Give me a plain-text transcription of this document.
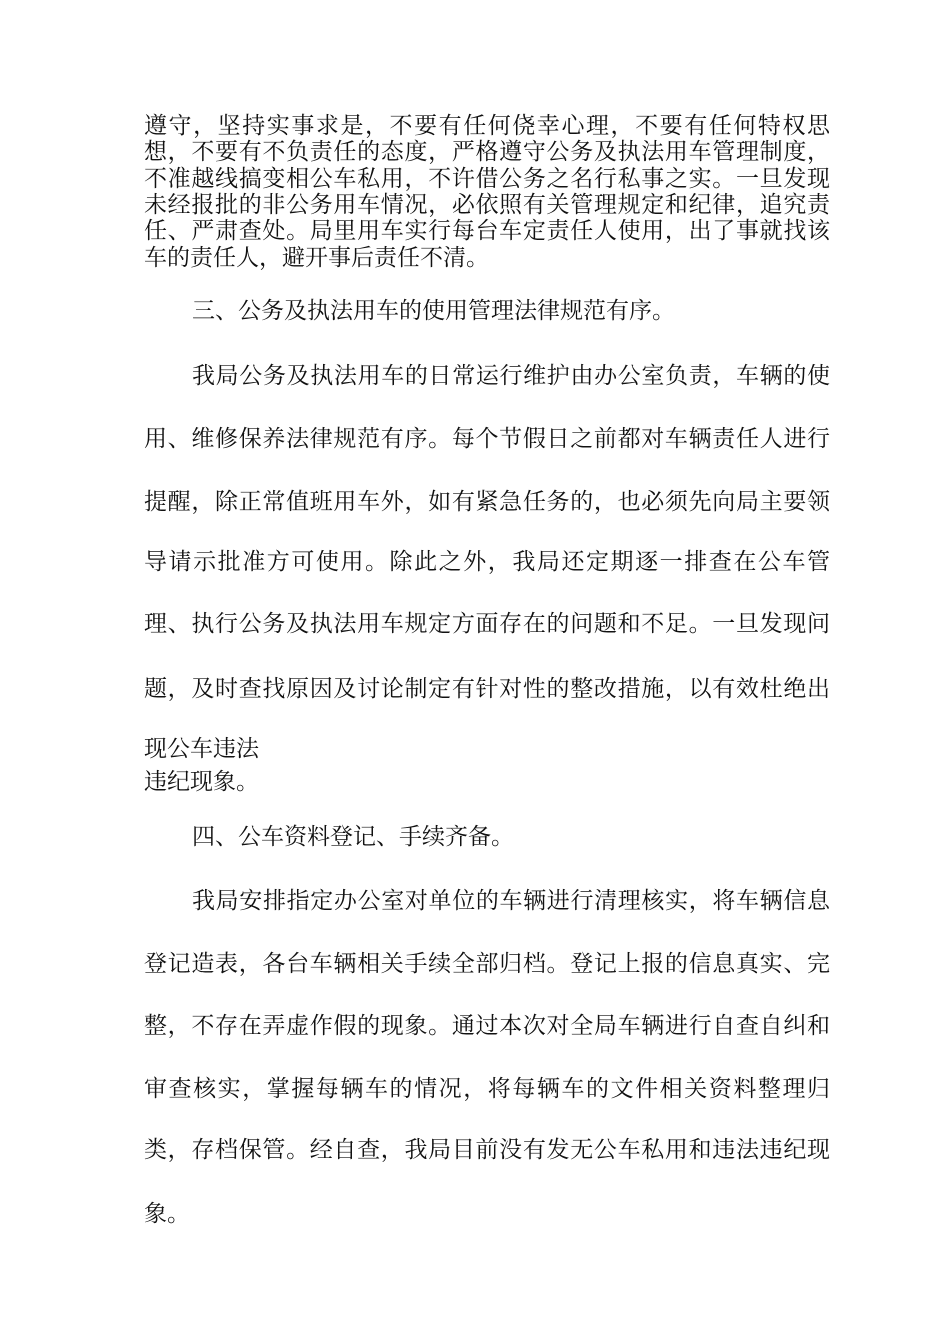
遵守，坚持实事求是，不要有任何侥幸心理，不要有任何特权思

想，不要有不负责任的态度，严格遵守公务及执法用车管理制度，

不准越线搞变相公车私用，不许借公务之名行私事之实。一旦发现

未经报批的非公务用车情况，必依照有关管理规定和纪律，追究责

任、严肃查处。局里用车实行每台车定责任人使用，出了事就找该

车的责任人，避开事后责任不清。

三、公务及执法用车的使用管理法律规范有序。

我局公务及执法用车的日常运行维护由办公室负责，车辆的使

用、维修保养法律规范有序。每个节假日之前都对车辆责任人进行

提醒，除正常值班用车外，如有紧急任务的，也必须先向局主要领

导请示批准方可使用。除此之外，我局还定期逐一排查在公车管

理、执行公务及执法用车规定方面存在的问题和不足。一旦发现问

题，及时查找原因及讨论制定有针对性的整改措施，以有效杜绝出

现公车违法

违纪现象。

四、公车资料登记、手续齐备。

我局安排指定办公室对单位的车辆进行清理核实，将车辆信息

登记造表，各台车辆相关手续全部归档。登记上报的信息真实、完

整，不存在弄虚作假的现象。通过本次对全局车辆进行自查自纠和

审查核实，掌握每辆车的情况，将每辆车的文件相关资料整理归

类，存档保管。经自查，我局目前没有发无公车私用和违法违纪现

象。
